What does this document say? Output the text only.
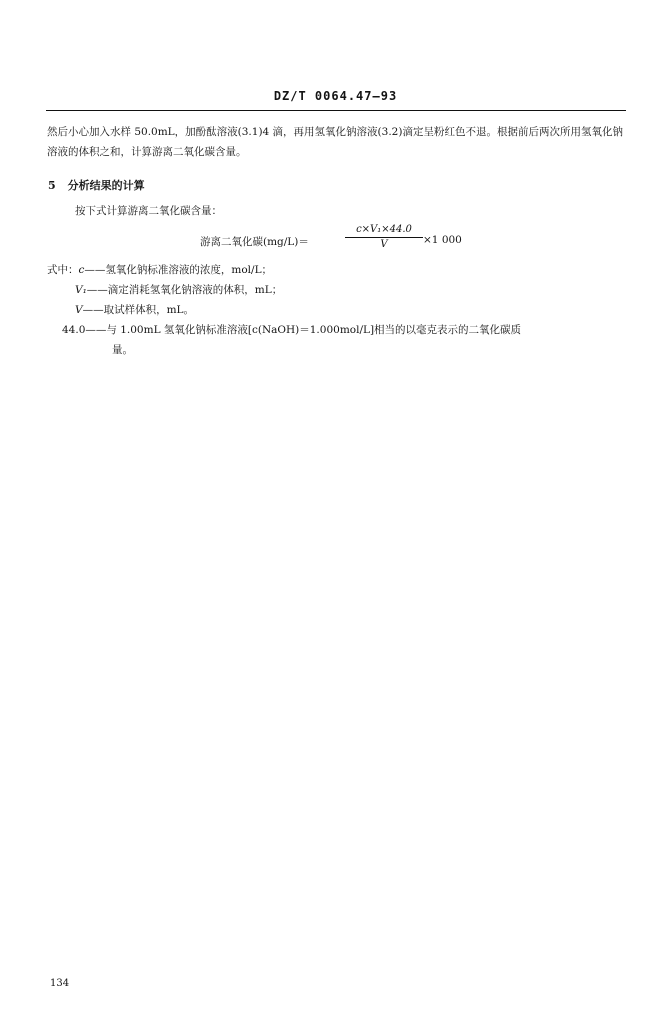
DZ/T 0064.47—93
然后小心加入水样 50.0mL，加酚酞溶液(3.1)4 滴，再用氢氧化钠溶液(3.2)滴定呈粉红色不退。根据前后两次所用氢氧化钠溶液的体积之和，计算游离二氧化碳含量。
5 分析结果的计算
按下式计算游离二氧化碳含量：
游离二氧化碳(mg/L)＝
c×V₁×44.0
V	×1 000
式中：c——氢氧化钠标准溶液的浓度，mol/L；
V₁——滴定消耗氢氧化钠溶液的体积，mL；
V——取试样体积，mL。
44.0——与 1.00mL 氢氧化钠标准溶液[c(NaOH)＝1.000mol/L]相当的以毫克表示的二氧化碳质
量。
134
